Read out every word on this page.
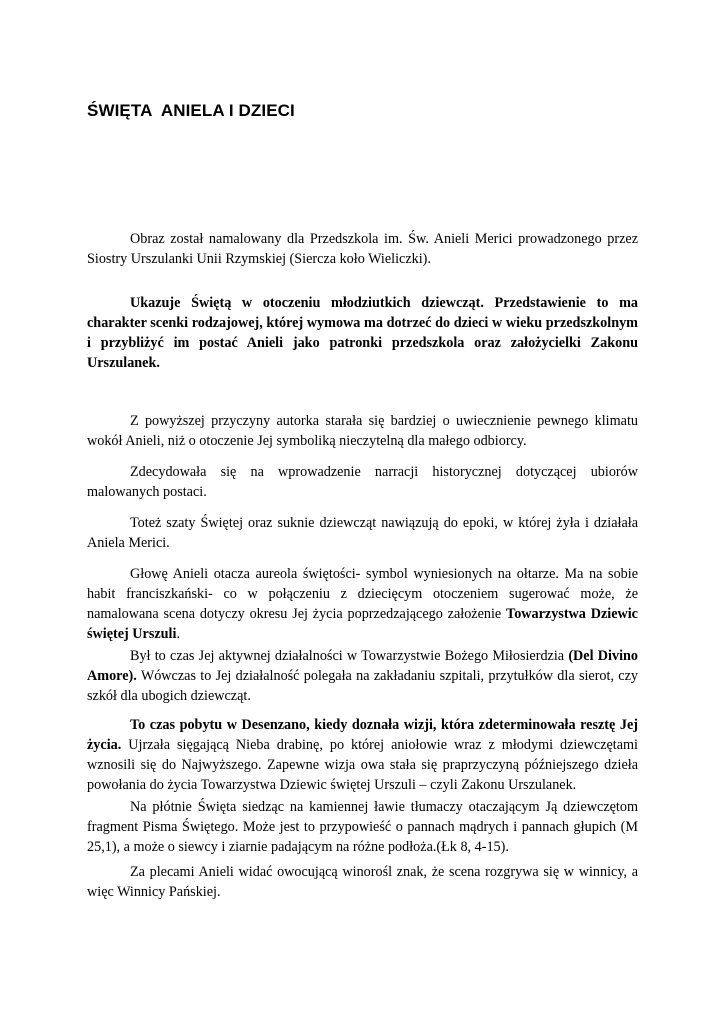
ŚWIĘTA  ANIELA I DZIECI

Obraz został namalowany dla Przedszkola im. Św. Anieli Merici prowadzonego przez Siostry Urszulanki Unii Rzymskiej (Siercza koło Wieliczki).

Ukazuje Świętą w otoczeniu młodziutkich dziewcząt. Przedstawienie to ma charakter scenki rodzajowej, której wymowa ma dotrzeć do dzieci w wieku przedszkolnym i przybliżyć im postać Anieli jako patronki przedszkola oraz założycielki Zakonu Urszulanek.

Z powyższej przyczyny autorka starała się bardziej o uwiecznienie pewnego klimatu wokół Anieli, niż o otoczenie Jej symboliką nieczytelną dla małego odbiorcy.

Zdecydowała się na wprowadzenie narracji historycznej dotyczącej ubiorów malowanych postaci.

Toteż szaty Świętej oraz suknie dziewcząt nawiązują do epoki, w której żyła i działała Aniela Merici.

Głowę Anieli otacza aureola świętości- symbol wyniesionych na ołtarze. Ma na sobie habit franciszkański- co w połączeniu z dziecięcym otoczeniem sugerować może, że namalowana scena dotyczy okresu Jej życia poprzedzającego założenie Towarzystwa Dziewic świętej Urszuli.

Był to czas Jej aktywnej działalności w Towarzystwie Bożego Miłosierdzia (Del Divino Amore). Wówczas to Jej działalność polegała na zakładaniu szpitali, przytułków dla sierot, czy szkół dla ubogich dziewcząt.

To czas pobytu w Desenzano, kiedy doznała wizji, która zdeterminowała resztę Jej życia. Ujrzała sięgającą Nieba drabinę, po której aniołowie wraz z młodymi dziewczętami wznosili się do Najwyższego. Zapewne wizja owa stała się praprzyczyną późniejszego dzieła powołania do życia Towarzystwa Dziewic świętej Urszuli – czyli Zakonu Urszulanek.

Na płótnie Święta siedząc na kamiennej ławie tłumaczy otaczającym Ją dziewczętom fragment Pisma Świętego. Może jest to przypowieść o pannach mądrych i pannach głupich (M 25,1), a może o siewcy i ziarnie padającym na różne podłoża.(Łk 8, 4-15).

Za plecami Anieli widać owocującą winorośl znak, że scena rozgrywa się w winnicy, a więc Winnicy Pańskiej.
